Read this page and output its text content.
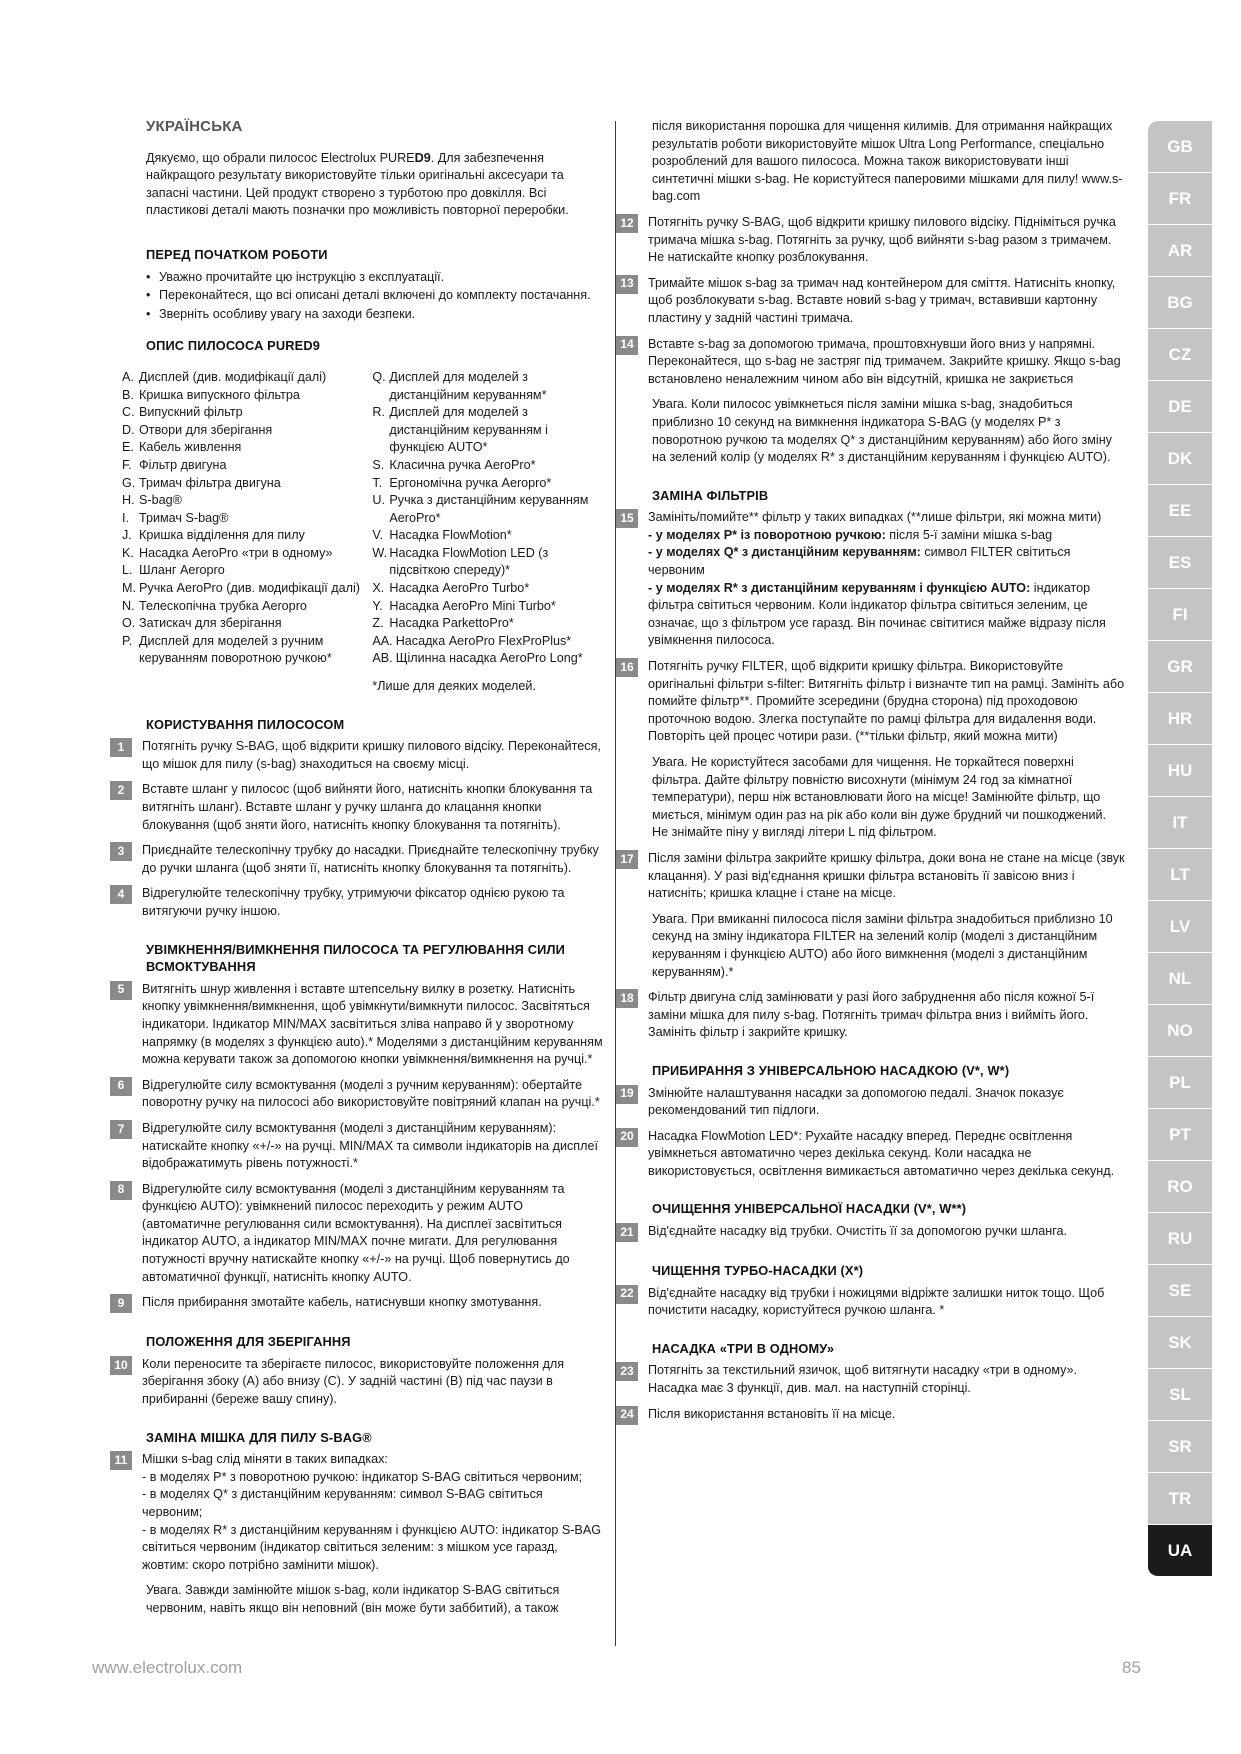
УКРАЇНСЬКА

Дякуємо, що обрали пилосос Electrolux PURED9. Для забезпечення найкращого результату використовуйте тільки оригінальні аксесуари та запасні частини. Цей продукт створено з турботою про довкілля. Всі пластикові деталі мають позначки про можливість повторної переробки.

ПЕРЕД ПОЧАТКОМ РОБОТИ
• Уважно прочитайте цю інструкцію з експлуатації.
• Переконайтеся, що всі описані деталі включені до комплекту постачання.
• Зверніть особливу увагу на заходи безпеки.
ОПИС ПИЛОСОСА PURED9
A. Дисплей (див. модифікації далі)
B. Кришка випускного фільтра
C. Випускний фільтр
D. Отвори для зберігання
E. Кабель живлення
F. Фільтр двигуна
G. Тримач фільтра двигуна
H. S-bag®
I. Тримач S-bag®
J. Кришка відділення для пилу
K. Насадка AeroPro «три в одному»
L. Шланг Aeropro
M. Ручка AeroPro (див. модифікації далі)
N. Телескопічна трубка Aeropro
O. Затискач для зберігання
P. Дисплей для моделей з ручним керуванням поворотною ручкою*
Q. Дисплей для моделей з дистанційним керуванням*
R. Дисплей для моделей з дистанційним керуванням і функцією AUTO*
S. Класична ручка AeroPro*
T. Ергономічна ручка Aeropro*
U. Ручка з дистанційним керуванням AeroPro*
V. Насадка FlowMotion*
W. Насадка FlowMotion LED (з підсвіткою спереду)*
X. Насадка AeroPro Turbo*
Y. Насадка AeroPro Mini Turbo*
Z. Насадка ParkettoPro*
AA. Насадка AeroPro FlexProPlus*
AB. Щілинна насадка AeroPro Long*
*Лише для деяких моделей.
КОРИСТУВАННЯ ПИЛОСОСОМ
1	Потягніть ручку S-BAG, щоб відкрити кришку пилового відсіку. Переконайтеся, що мішок для пилу (s-bag) знаходиться на своєму місці.
2	Вставте шланг у пилосос (щоб вийняти його, натисніть кнопки блокування та витягніть шланг). Вставте шланг у ручку шланга до клацання кнопки блокування (щоб зняти його, натисніть кнопку блокування та потягніть).
3	Приєднайте телескопічну трубку до насадки. Приєднайте телескопічну трубку до ручки шланга (щоб зняти її, натисніть кнопку блокування та потягніть).
4	Відрегулюйте телескопічну трубку, утримуючи фіксатор однією рукою та витягуючи ручку іншою.
УВІМКНЕННЯ/ВИМКНЕННЯ ПИЛОСОСА ТА РЕГУЛЮВАННЯ СИЛИ ВСМОКТУВАННЯ
5	Витягніть шнур живлення і вставте штепсельну вилку в розетку. Натисніть кнопку увімкнення/вимкнення, щоб увімкнути/вимкнути пилосос. Засвітяться індикатори. Індикатор MIN/MAX засвітиться зліва направо й у зворотному напрямку (в моделях з функцією auto).* Моделями з дистанційним керуванням можна керувати також за допомогою кнопки увімкнення/вимкнення на ручці.*
6	Відрегулюйте силу всмоктування (моделі з ручним керуванням): обертайте поворотну ручку на пилососі або використовуйте повітряний клапан на ручці.*
7	Відрегулюйте силу всмоктування (моделі з дистанційним керуванням): натискайте кнопку «+/-» на ручці. MIN/MAX та символи індикаторів на дисплеї відображатимуть рівень потужності.*
8	Відрегулюйте силу всмоктування (моделі з дистанційним керуванням та функцією AUTO): увімкнений пилосос переходить у режим AUTO (автоматичне регулювання сили всмоктування). На дисплеї засвітиться індикатор AUTO, а індикатор MIN/MAX почне мигати. Для регулювання потужності вручну натискайте кнопку «+/-» на ручці. Щоб повернутись до автоматичної функції, натисніть кнопку AUTO.
9	Після прибирання змотайте кабель, натиснувши кнопку змотування.
ПОЛОЖЕННЯ ДЛЯ ЗБЕРІГАННЯ
10	Коли переносите та зберігаєте пилосос, використовуйте положення для зберігання збоку (A) або внизу (C). У задній частині (B) під час паузи в прибиранні (береже вашу спину).
ЗАМІНА МІШКА ДЛЯ ПИЛУ S-BAG®
11	Мішки s-bag слід міняти в таких випадках:
- в моделях P* з поворотною ручкою: індикатор S-BAG світиться червоним;
- в моделях Q* з дистанційним керуванням: символ S-BAG світиться червоним;
- в моделях R* з дистанційним керуванням і функцією AUTO: індикатор S-BAG світиться червоним (індикатор світиться зеленим: з мішком усе гаразд, жовтим: скоро потрібно замінити мішок).

Увага. Завжди замінюйте мішок s-bag, коли індикатор S-BAG світиться червоним, навіть якщо він неповний (він може бути заббитий), а також

після використання порошка для чищення килимів. Для отримання найкращих результатів роботи використовуйте мішок Ultra Long Performance, спеціально розроблений для вашого пилососа. Можна також використовувати інші синтетичні мішки s-bag. Не користуйтеся паперовими мішками для пилу! www.s-bag.com

12	Потягніть ручку S-BAG, щоб відкрити кришку пилового відсіку. Підніміться ручка тримача мішка s-bag. Потягніть за ручку, щоб вийняти s-bag разом з тримачем. Не натискайте кнопку розблокування.
13	Тримайте мішок s-bag за тримач над контейнером для сміття. Натисніть кнопку, щоб розблокувати s-bag. Вставте новий s-bag у тримач, вставивши картонну пластину у задній частині тримача.
14	Вставте s-bag за допомогою тримача, проштовхнувши його вниз у напрямні. Переконайтеся, що s-bag не застряг під тримачем. Закрийте кришку. Якщо s-bag встановлено неналежним чином або він відсутній, кришка не закриється

Увага. Коли пилосос увімкнеться після заміни мішка s-bag, знадобиться приблизно 10 секунд на вимкнення індикатора S-BAG (у моделях P* з поворотною ручкою та моделях Q* з дистанційним керуванням) або його зміну на зелений колір (у моделях R* з дистанційним керуванням і функцією AUTO).

ЗАМІНА ФІЛЬТРІВ
15	Замініть/помийте** фільтр у таких випадках (**лише фільтри, які можна мити)
- у моделях P* із поворотною ручкою: після 5-ї заміни мішка s-bag
- у моделях Q* з дистанційним керуванням: символ FILTER світиться червоним
- у моделях R* з дистанційним керуванням і функцією AUTO: індикатор фільтра світиться червоним. Коли індикатор фільтра світиться зеленим, це означає, що з фільтром усе гаразд. Він починає світитися майже відразу після увімкнення пилососа.
16	Потягніть ручку FILTER, щоб відкрити кришку фільтра. Використовуйте оригінальні фільтри s-filter: Витягніть фільтр і визначте тип на рамці. Замініть або помийте фільтр**. Промийте зсередини (брудна сторона) під проходовою проточною водою. Злегка поступайте по рамці фільтра для видалення води. Повторіть цей процес чотири рази. (**тільки фільтр, який можна мити)

Увага. Не користуйтеся засобами для чищення. Не торкайтеся поверхні фільтра. Дайте фільтру повністю висохнути (мінімум 24 год за кімнатної температури), перш ніж встановлювати його на місце! Замінюйте фільтр, що миється, мінімум один раз на рік або коли він дуже брудний чи пошкоджений. Не знімайте піну у вигляді літери L під фільтром.

17	Після заміни фільтра закрийте кришку фільтра, доки вона не стане на місце (звук клацання). У разі від'єднання кришки фільтра встановіть її завісою вниз і натисніть; кришка клацне і стане на місце.

Увага. При вмиканні пилососа після заміни фільтра знадобиться приблизно 10 секунд на зміну індикатора FILTER на зелений колір (моделі з дистанційним керуванням і функцією AUTO) або його вимкнення (моделі з дистанційним керуванням).*

18	Фільтр двигуна слід замінювати у разі його забруднення або після кожної 5-ї заміни мішка для пилу s-bag. Потягніть тримач фільтра вниз і вийміть його. Замініть фільтр і закрийте кришку.
ПРИБИРАННЯ З УНІВЕРСАЛЬНОЮ НАСАДКОЮ (V*, W*)
19	Змінюйте налаштування насадки за допомогою педалі. Значок показує рекомендований тип підлоги.
20	Насадка FlowMotion LED*: Рухайте насадку вперед. Переднє освітлення увімкнеться автоматично через декілька секунд. Коли насадка не використовується, освітлення вимикається автоматично через декілька секунд.
ОЧИЩЕННЯ УНІВЕРСАЛЬНОЇ НАСАДКИ (V*, W**)
21	Від'єднайте насадку від трубки. Очистіть її за допомогою ручки шланга.
ЧИЩЕННЯ ТУРБО-НАСАДКИ (X*)
22	Від'єднайте насадку від трубки і ножицями відріжте залишки ниток тощо. Щоб почистити насадку, користуйтеся ручкою шланга. *
НАСАДКА «ТРИ В ОДНОМУ»
23	Потягніть за текстильний язичок, щоб витягнути насадку «три в одному». Насадка має 3 функції, див. мал. на наступній сторінці.
24	Після використання встановіть її на місце.
GB
FR
AR
BG
CZ
DE
DK
EE
ES
FI
GR
HR
HU
IT
LT
LV
NL
NO
PL
PT
RO
RU
SE
SK
SL
SR
TR
UA
www.electrolux.com	85
